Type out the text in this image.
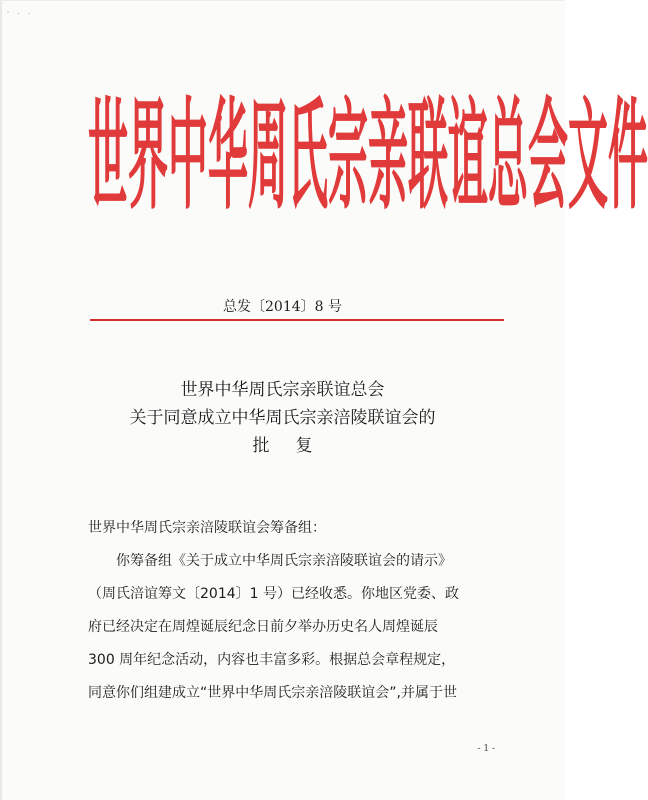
- . .
世界中华周氏宗亲联谊总会文件
总发〔2014〕8 号
世界中华周氏宗亲联谊总会
关于同意成立中华周氏宗亲涪陵联谊会的
批复
世界中华周氏宗亲涪陵联谊会筹备组：
你筹备组《关于成立中华周氏宗亲涪陵联谊会的请示》
（周氏涪谊筹文〔2014〕1 号）已经收悉。你地区党委、政
府已经决定在周煌诞辰纪念日前夕举办历史名人周煌诞辰
300 周年纪念活动，内容也丰富多彩。根据总会章程规定，
同意你们组建成立“世界中华周氏宗亲涪陵联谊会”,并属于世
- 1 -
